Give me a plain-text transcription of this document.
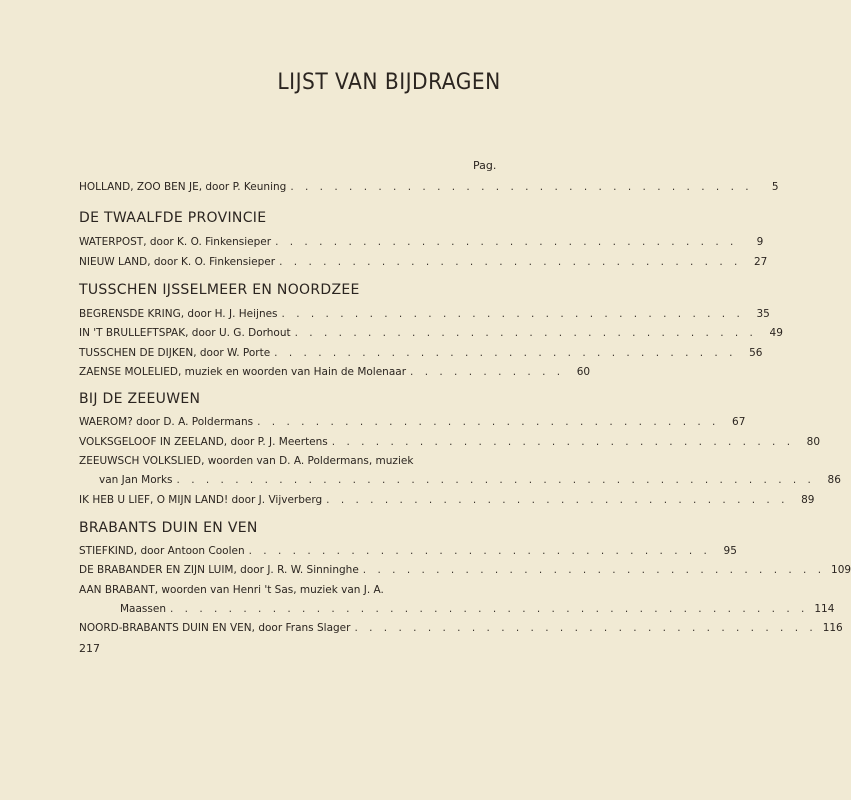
LIJST VAN BIJDRAGEN
Pag.
HOLLAND, ZOO BEN JE, door P. Keuning . . . . . . . . . . . . . . . . . . . . . . . . . . . . . . . .	5
DE TWAALFDE PROVINCIE
WATERPOST, door K. O. Finkensieper . . . . . . . . . . . . . . . . . . . . . . . . . . . . . . . .	9
NIEUW LAND, door K. O. Finkensieper . . . . . . . . . . . . . . . . . . . . . . . . . . . . . . . .	27
TUSSCHEN IJSSELMEER EN NOORDZEE
BEGRENSDE KRING, door H. J. Heijnes . . . . . . . . . . . . . . . . . . . . . . . . . . . . . . . .	35
IN 'T BRULLEFTSPAK, door U. G. Dorhout . . . . . . . . . . . . . . . . . . . . . . . . . . . . . . . .	49
TUSSCHEN DE DIJKEN, door W. Porte . . . . . . . . . . . . . . . . . . . . . . . . . . . . . . . .	56
ZAENSE MOLELIED, muziek en woorden van Hain de Molenaar . . . . . . . . . . .	60
BIJ DE ZEEUWEN
WAEROM? door D. A. Poldermans . . . . . . . . . . . . . . . . . . . . . . . . . . . . . . . .	67
VOLKSGELOOF IN ZEELAND, door P. J. Meertens . . . . . . . . . . . . . . . . . . . . . . . . . . . . . . . .	80
ZEEUWSCH VOLKSLIED, woorden van D. A. Poldermans, muziek
van Jan Morks . . . . . . . . . . . . . . . . . . . . . . . . . . . . . . . . . . . . . . . . . . . .	86
IK HEB U LIEF, O MIJN LAND! door J. Vijverberg . . . . . . . . . . . . . . . . . . . . . . . . . . . . . . . .	89
BRABANTS DUIN EN VEN
STIEFKIND, door Antoon Coolen . . . . . . . . . . . . . . . . . . . . . . . . . . . . . . . .	95
DE BRABANDER EN ZIJN LUIM, door J. R. W. Sinninghe . . . . . . . . . . . . . . . . . . . . . . . . . . . . . . . . 109
AAN BRABANT, woorden van Henri 't Sas, muziek van J. A.
Maassen . . . . . . . . . . . . . . . . . . . . . . . . . . . . . . . . . . . . . . . . . . . . 114
NOORD-BRABANTS DUIN EN VEN, door Frans Slager . . . . . . . . . . . . . . . . . . . . . . . . . . . . . . . . 116
217
